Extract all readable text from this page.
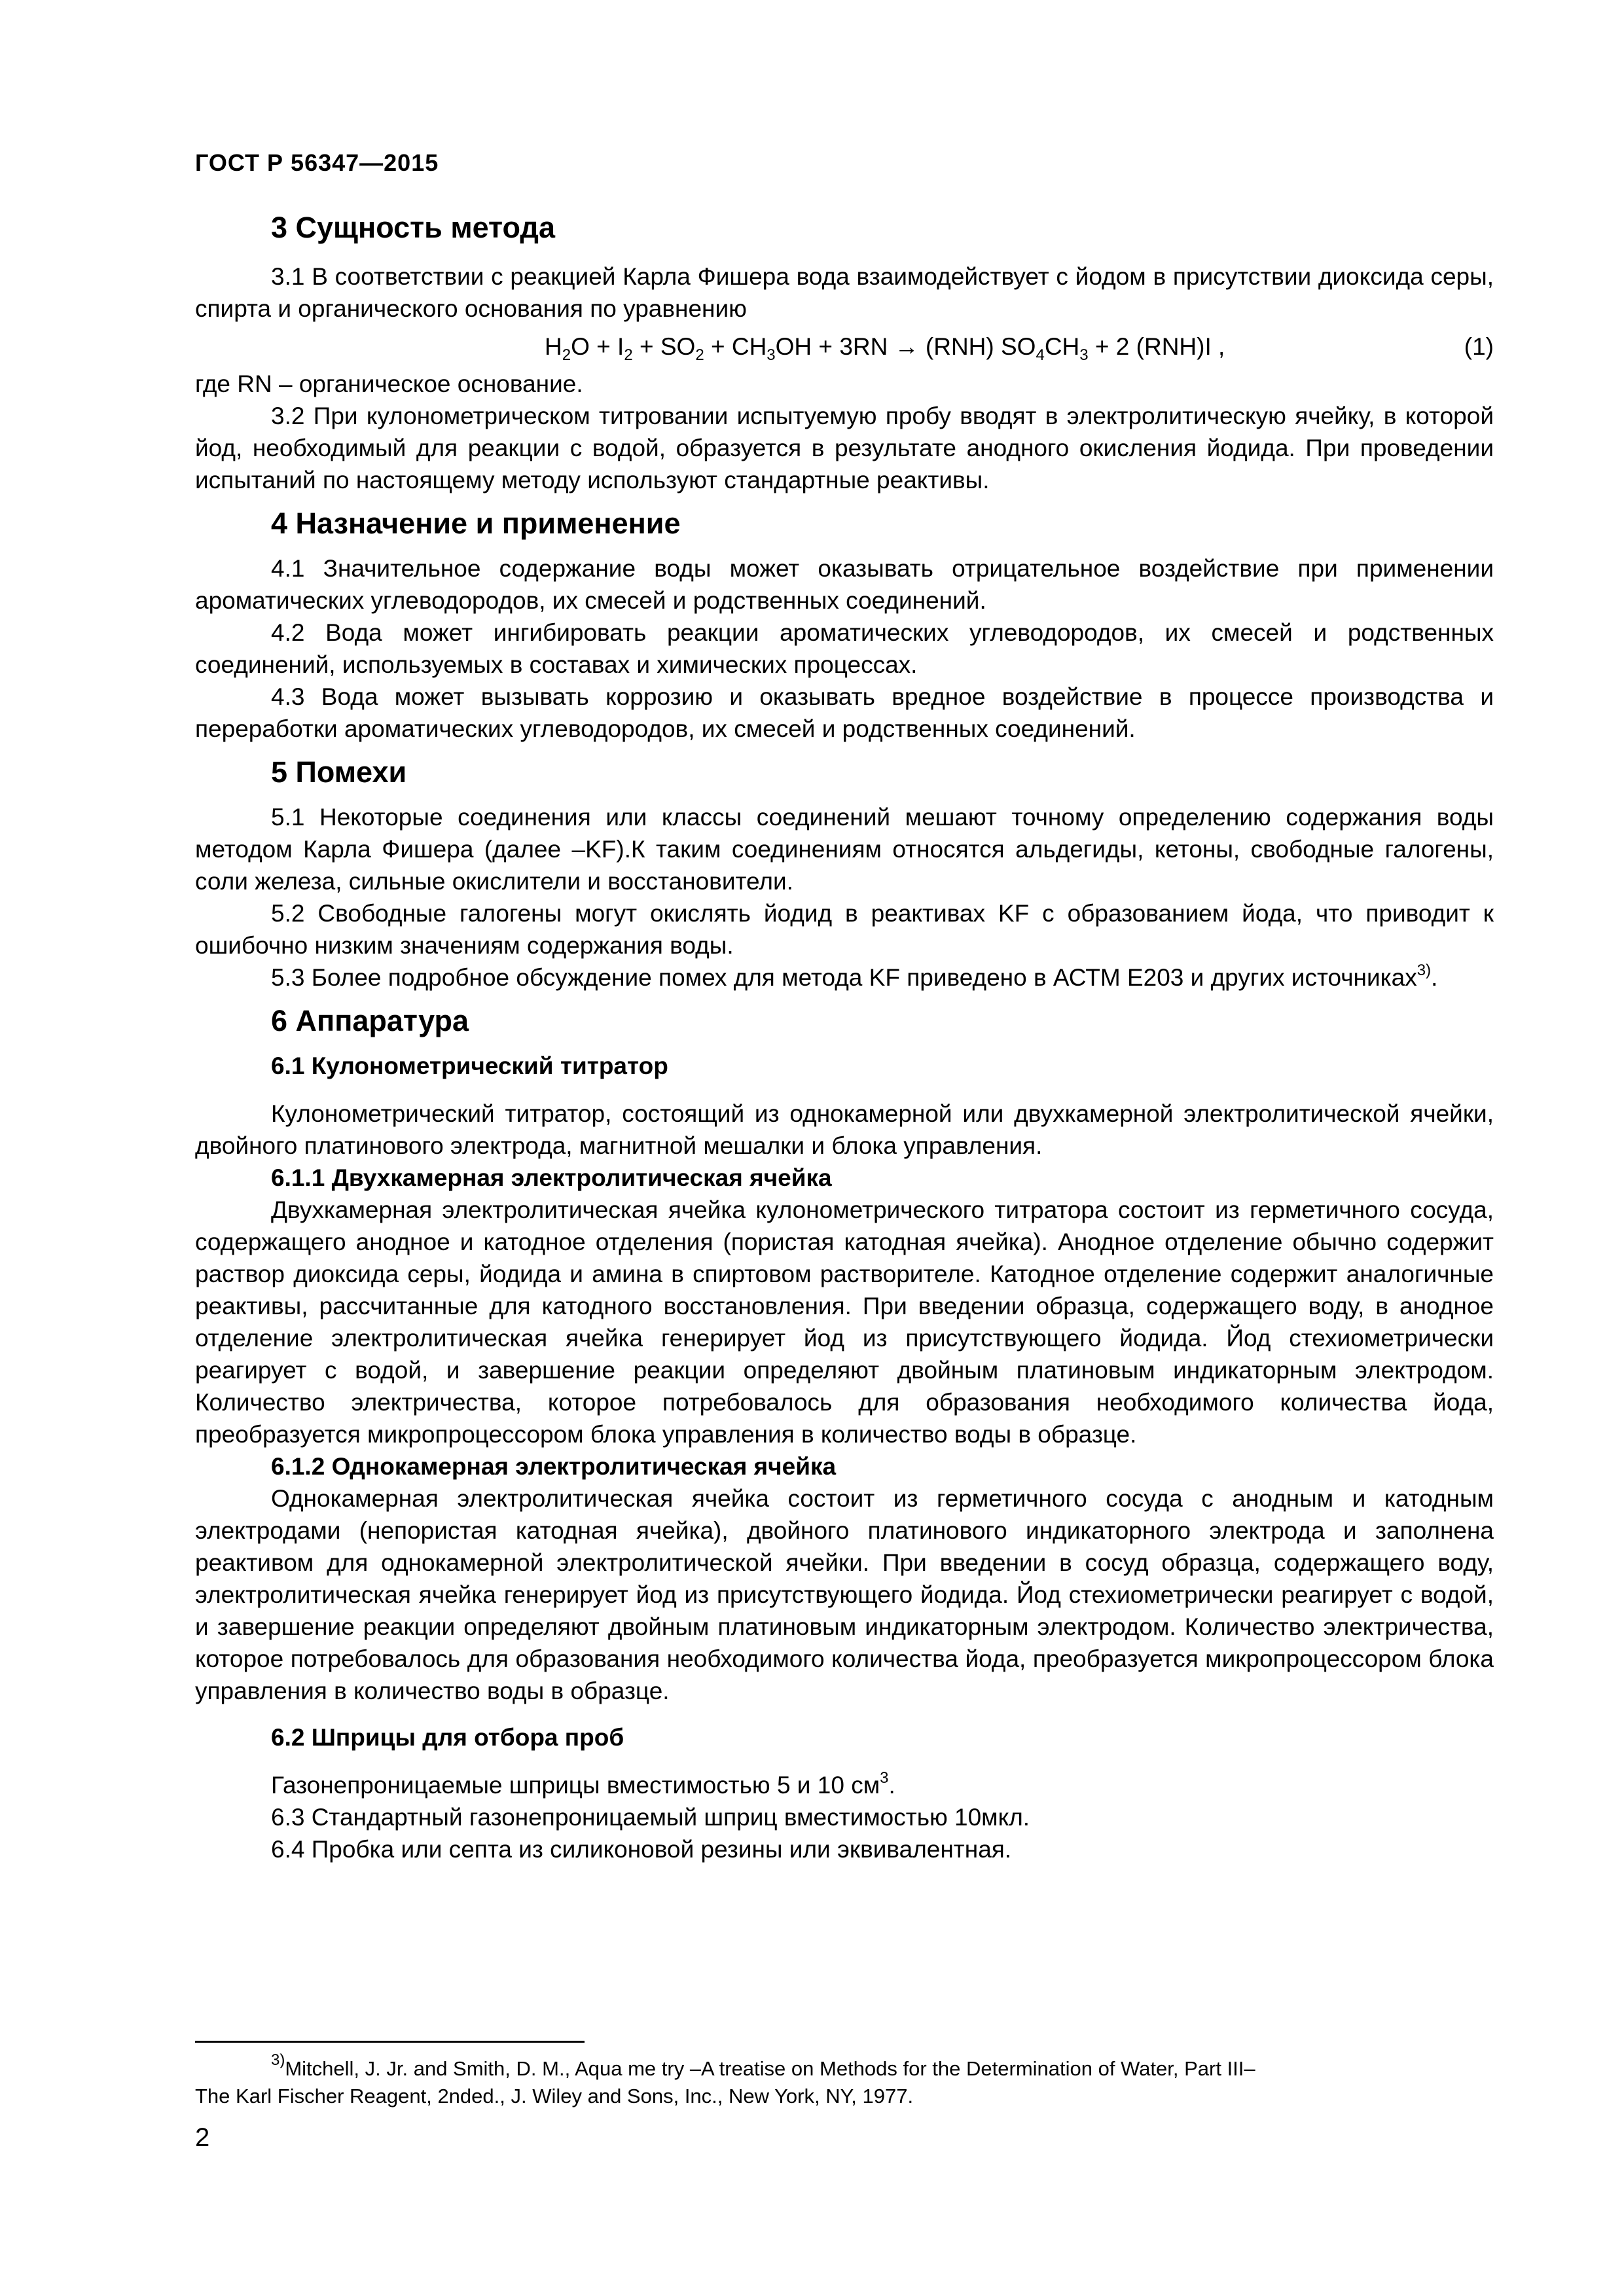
ГОСТ Р 56347—2015
3 Сущность метода

3.1 В соответствии с реакцией Карла Фишера вода взаимодействует с йодом в присутствии диоксида серы, спирта и органического основания по уравнению

$H_2O + I_2 + SO_2 + CH_3OH + 3RN \to (RNH) SO_4CH_3 + 2$ (RNH)I ,	(1)

где RN – органическое основание.

3.2 При кулонометрическом титровании испытуемую пробу вводят в электролитическую ячейку, в которой йод, необходимый для реакции с водой, образуется в результате анодного окисления йодида. При проведении испытаний по настоящему методу используют стандартные реактивы.

4 Назначение и применение

4.1 Значительное содержание воды может оказывать отрицательное воздействие при применении ароматических углеводородов, их смесей и родственных соединений.

4.2 Вода может ингибировать реакции ароматических углеводородов, их смесей и родственных соединений, используемых в составах и химических процессах.

4.3 Вода может вызывать коррозию и оказывать вредное воздействие в процессе производства и переработки ароматических углеводородов, их смесей и родственных соединений.

5 Помехи

5.1 Некоторые соединения или классы соединений мешают точному определению содержания воды методом Карла Фишера (далее –KF).К таким соединениям относятся альдегиды, кетоны, свободные галогены, соли железа, сильные окислители и восстановители.

5.2 Свободные галогены могут окислять йодид в реактивах KF с образованием йода, что приводит к ошибочно низким значениям содержания воды.

5.3 Более подробное обсуждение помех для метода KF приведено в АСТМ Е203 и других источниках$^{3)}$.

6 Аппаратура
6.1 Кулонометрический титратор

Кулонометрический титратор, состоящий из однокамерной или двухкамерной электролитической ячейки, двойного платинового электрода, магнитной мешалки и блока управления.

6.1.1 Двухкамерная электролитическая ячейка

Двухкамерная электролитическая ячейка кулонометрического титратора состоит из герметичного сосуда, содержащего анодное и катодное отделения (пористая катодная ячейка). Анодное отделение обычно содержит раствор диоксида серы, йодида и амина в спиртовом растворителе. Катодное отделение содержит аналогичные реактивы, рассчитанные для катодного восстановления. При введении образца, содержащего воду, в анодное отделение электролитическая ячейка генерирует йод из присутствующего йодида. Йод стехиометрически реагирует с водой, и завершение реакции определяют двойным платиновым индикаторным электродом. Количество электричества, которое потребовалось для образования необходимого количества йода, преобразуется микропроцессором блока управления в количество воды в образце.

6.1.2 Однокамерная электролитическая ячейка

Однокамерная электролитическая ячейка состоит из герметичного сосуда с анодным и катодным электродами (непористая катодная ячейка), двойного платинового индикаторного электрода и заполнена реактивом для однокамерной электролитической ячейки. При введении в сосуд образца, содержащего воду, электролитическая ячейка генерирует йод из присутствующего йодида. Йод стехиометрически реагирует с водой, и завершение реакции определяют двойным платиновым индикаторным электродом. Количество электричества, которое потребовалось для образования необходимого количества йода, преобразуется микропроцессором блока управления в количество воды в образце.

6.2 Шприцы для отбора проб

Газонепроницаемые шприцы вместимостью 5 и 10 $см^3$.

6.3 Стандартный газонепроницаемый шприц вместимостью 10мкл.

6.4 Пробка или септа из силиконовой резины или эквивалентная.

$^{3)}$Mitchell, J. Jr. and Smith, D. M., Aqua me try –A treatise on Methods for the Determination of Water, Part III–
The Karl Fischer Reagent, 2nded., J. Wiley and Sons, Inc., New York, NY, 1977.
2
